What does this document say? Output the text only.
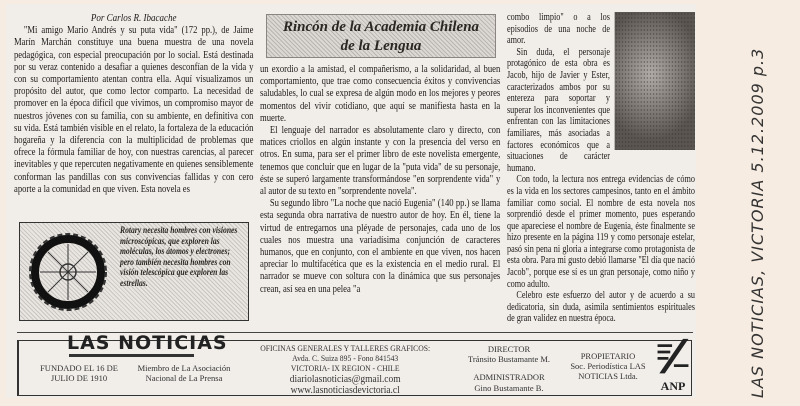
Por Carlos R. Ibacache

"Mi amigo Mario Andrés y su puta vida" (172 pp.), de Jaime Marín Marchán constituye una buena muestra de una novela pedagógica, con especial preocupación por lo social. Está destinada por su veraz contenido a desafiar a quienes desconfían de la vida y con su comportamiento atentan contra ella. Aquí visualizamos un propósito del autor, que como lector comparto. La necesidad de promover en la época difícil que vivimos, un compromiso mayor de nuestros jóvenes con su familia, con su ambiente, en definitiva con su vida. Está también visible en el relato, la fortaleza de la educación hogareña y la diferencia con la multiplicidad de problemas que ofrece la fórmula familiar de hoy, con nuestras carencias, al parecer inevitables y que repercuten negativamente en quienes sensiblemente conforman las pandillas con sus convivencias fallidas y con cero aporte a la comunidad en que viven. Esta novela es

Rincón de la Academia Chilena
de la Lengua

un exordio a la amistad, el compañerismo, a la solidaridad, al buen comportamiento, que trae como consecuencia éxitos y convivencias saludables, lo cual se expresa de algún modo en los mejores y peores momentos del vivir cotidiano, que aquí se manifiesta hasta en la muerte.

El lenguaje del narrador es absolutamente claro y directo, con matices criollos en algún instante y con la presencia del verso en otros. En suma, para ser el primer libro de este novelista emergente, tenemos que concluir que en lugar de la "puta vida" de su personaje, éste se superó largamente transformándose "en sorprendente vida" y al autor de su texto en "sorprendente novela".

Su segundo libro "La noche que nació Eugenia" (140 pp.) se llama esta segunda obra narrativa de nuestro autor de hoy. En él, tiene la virtud de entregarnos una pléyade de personajes, cada uno de los cuales nos muestra una variadísima conjunción de caracteres humanos, que en conjunto, con el ambiente en que viven, nos hacen apreciar lo multifacética que es la existencia en el medio rural. El narrador se mueve con soltura con la dinámica que sus personajes crean, así sea en una pelea "a

combo limpio" o a los episodios de una noche de amor.

Sin duda, el personaje protagónico de esta obra es Jacob, hijo de Javier y Ester, caracterizados ambos por su entereza para soportar y superar los inconvenientes que enfrentan con las limitaciones familiares, más asociadas a factores económicos que a situaciones de carácter humano.

Con todo, la lectura nos entrega evidencias de cómo es la vida en los sectores campesinos, tanto en el ámbito familiar como social. El nombre de esta novela nos sorprendió desde el primer momento, pues esperando que apareciese el nombre de Eugenia, éste finalmente se hizo presente en la página 119 y como personaje estelar, pasó sin pena ni gloria a integrarse como protagonista de esta obra. Para mi gusto debió llamarse "El día que nació Jacob", porque ese sí es un gran personaje, como niño y como adulto.

Celebro este esfuerzo del autor y de acuerdo a su dedicatoria, sin duda, asimila sentimientos espirituales de gran validez en nuestra época.

Rotary necesita hombres con visiones microscópicas, que exploren las moléculas, los átomos y electrones; pero también necesita hombres con visión telescópica que exploren las estrellas.
LAS NOTICIAS
FUNDADO EL 16 DE JULIO DE 1910
Miembro de La Asociación Nacional de La Prensa
OFICINAS GENERALES Y TALLERES GRAFICOS:
Avda. C. Suiza 895 - Fono 841543
VICTORIA- IX REGION - CHILE
diariolasnoticias@gmail.com
www.lasnoticiasdevictoria.cl
DIRECTOR
Tránsito Bustamante M.
ADMINISTRADOR
Gino Bustamante B.
PROPIETARIO
Soc. Periodística LAS NOTICIAS Ltda.
ANP	LAS NOTICIAS, VICTORIA 5.12.2009 p.3
